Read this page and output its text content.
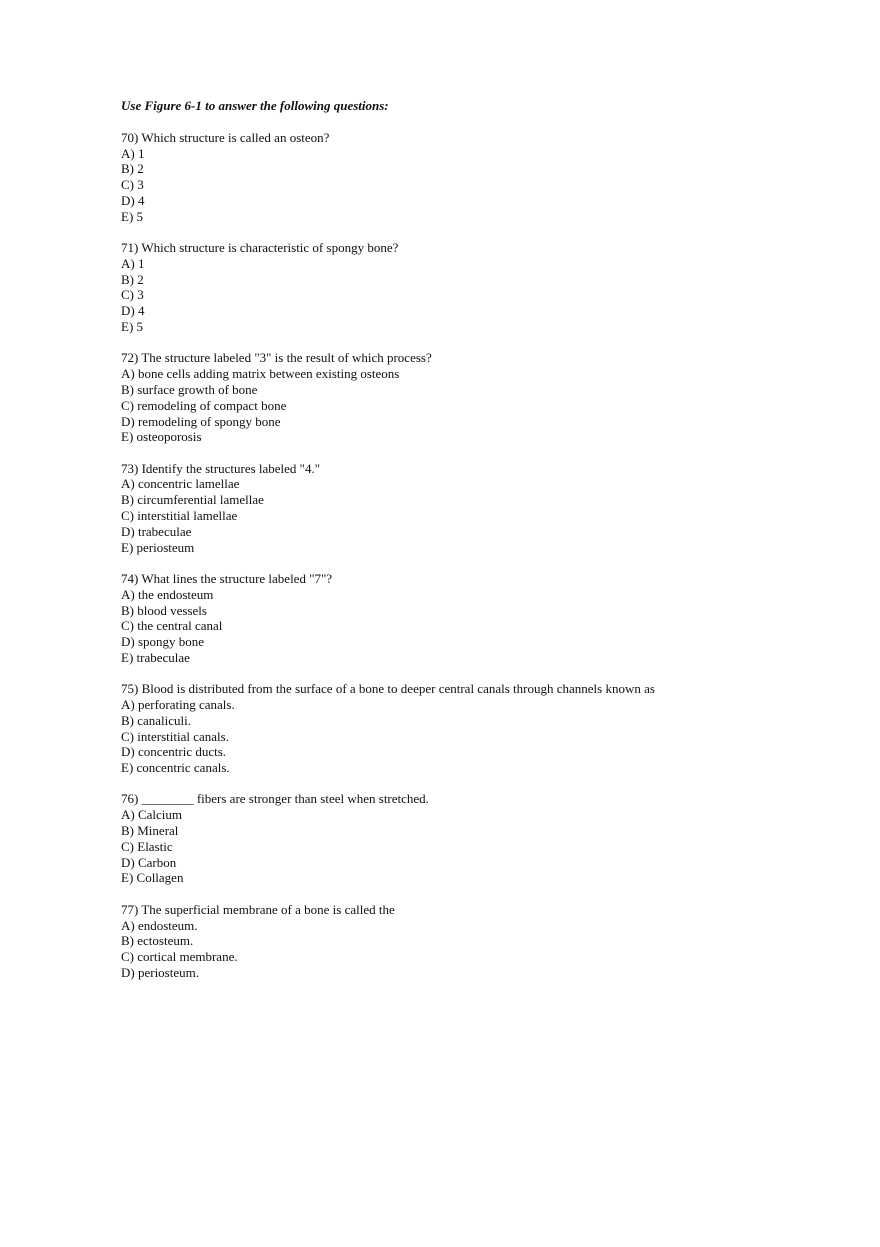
Use Figure 6-1 to answer the following questions:
70) Which structure is called an osteon?
A) 1
B) 2
C) 3
D) 4
E) 5
71) Which structure is characteristic of spongy bone?
A) 1
B) 2
C) 3
D) 4
E) 5
72) The structure labeled "3" is the result of which process?
A) bone cells adding matrix between existing osteons
B) surface growth of bone
C) remodeling of compact bone
D) remodeling of spongy bone
E) osteoporosis
73) Identify the structures labeled "4."
A) concentric lamellae
B) circumferential lamellae
C) interstitial lamellae
D) trabeculae
E) periosteum
74) What lines the structure labeled "7"?
A) the endosteum
B) blood vessels
C) the central canal
D) spongy bone
E) trabeculae
75) Blood is distributed from the surface of a bone to deeper central canals through channels known as
A) perforating canals.
B) canaliculi.
C) interstitial canals.
D) concentric ducts.
E) concentric canals.
76) ________ fibers are stronger than steel when stretched.
A) Calcium
B) Mineral
C) Elastic
D) Carbon
E) Collagen
77) The superficial membrane of a bone is called the
A) endosteum.
B) ectosteum.
C) cortical membrane.
D) periosteum.
